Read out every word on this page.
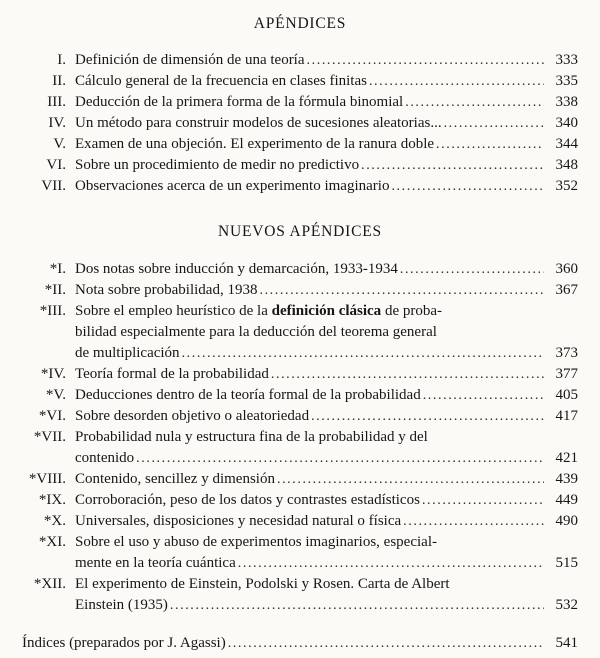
APÉNDICES
I. Definición de dimensión de una teoría .....	333
II. Cálculo general de la frecuencia en clases finitas .....	335
III. Deducción de la primera forma de la fórmula binomial .....	338
IV. Un método para construir modelos de sucesiones aleatorias... .....	340
V. Examen de una objeción. El experimento de la ranura doble .....	344
VI. Sobre un procedimiento de medir no predictivo .....	348
VII. Observaciones acerca de un experimento imaginario .....	352
NUEVOS APÉNDICES
*I. Dos notas sobre inducción y demarcación, 1933-1934 .....	360
*II. Nota sobre probabilidad, 1938 .....	367
*III. Sobre el empleo heurístico de la definición clásica de proba-
bilidad especialmente para la deducción del teorema general
de multiplicación .....	373
*IV. Teoría formal de la probabilidad .....	377
*V. Deducciones dentro de la teoría formal de la probabilidad .....	405
*VI. Sobre desorden objetivo o aleatoriedad .....	417
*VII. Probabilidad nula y estructura fina de la probabilidad y del
contenido .....	421
*VIII. Contenido, sencillez y dimensión .....	439
*IX. Corroboración, peso de los datos y contrastes estadísticos .....	449
*X. Universales, disposiciones y necesidad natural o física .....	490
*XI. Sobre el uso y abuso de experimentos imaginarios, especial-
mente en la teoría cuántica .....	515
*XII. El experimento de Einstein, Podolski y Rosen. Carta de Albert
Einstein (1935) .....	532
Índices (preparados por J. Agassi) .....	541
